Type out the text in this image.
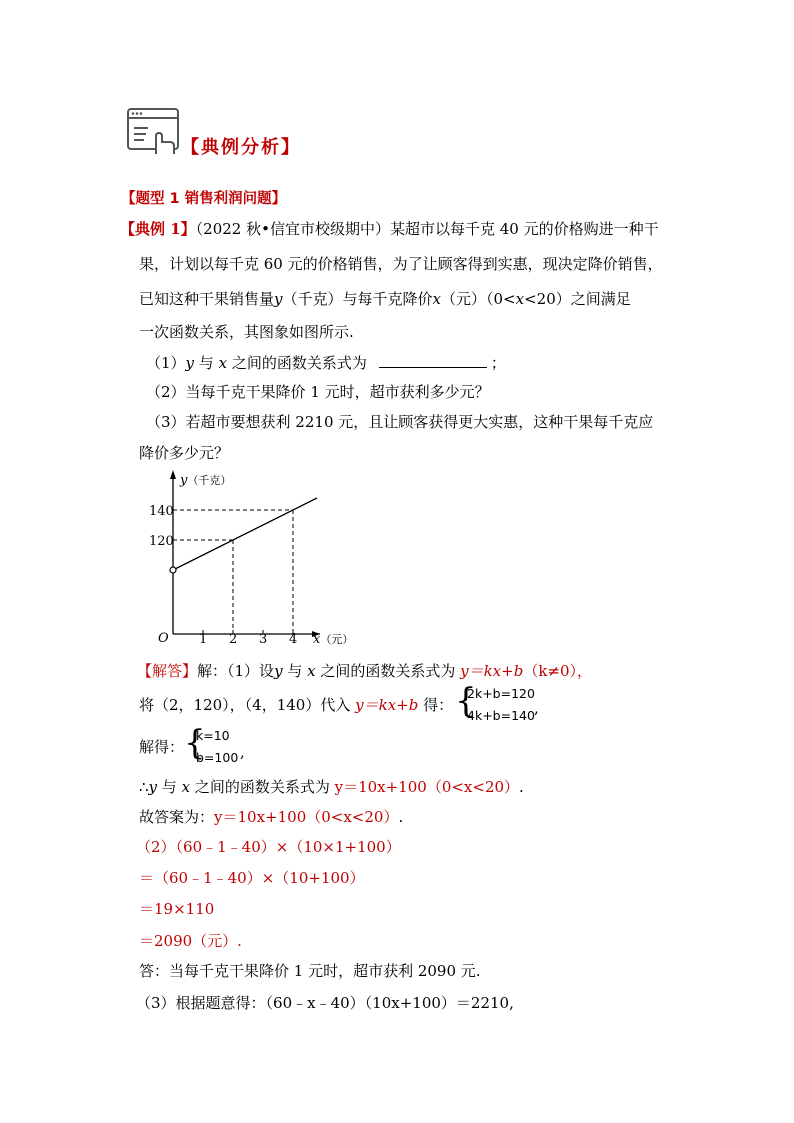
【典例分析】
【题型 1 销售利润问题】
【典例 1】（2022 秋•信宜市校级期中）某超市以每千克 40 元的价格购进一种干
果，计划以每千克 60 元的价格销售，为了让顾客得到实惠，现决定降价销售，
已知这种干果销售量y（千克）与每千克降价x（元）（0<x<20）之间满足
一次函数关系，其图象如图所示.
（1）y 与 x 之间的函数关系式为	；
（2）当每千克干果降价 1 元时，超市获利多少元？
（3）若超市要想获利 2210 元，且让顾客获得更大实惠，这种干果每千克应
降价多少元？
y（千克）
x（元）
O 1 2 3 4
120
140
【解答】解：（1）设y 与 x 之间的函数关系式为 y＝kx+b（k≠0），
将（2，120），（4，140）代入 y＝kx+b 得： {
2k+b=120
4k+b=140 ,
解得： {
k=10
b=100 ,
∴y 与 x 之间的函数关系式为 y＝10x+100（0<x<20）.
故答案为：y＝10x+100（0<x<20）.
（2）（60﹣1﹣40）×（10×1+100）
＝（60﹣1﹣40）×（10+100）
＝19×110
＝2090（元）.
答：当每千克干果降价 1 元时，超市获利 2090 元.
（3）根据题意得：（60﹣x﹣40）（10x+100）＝2210,
